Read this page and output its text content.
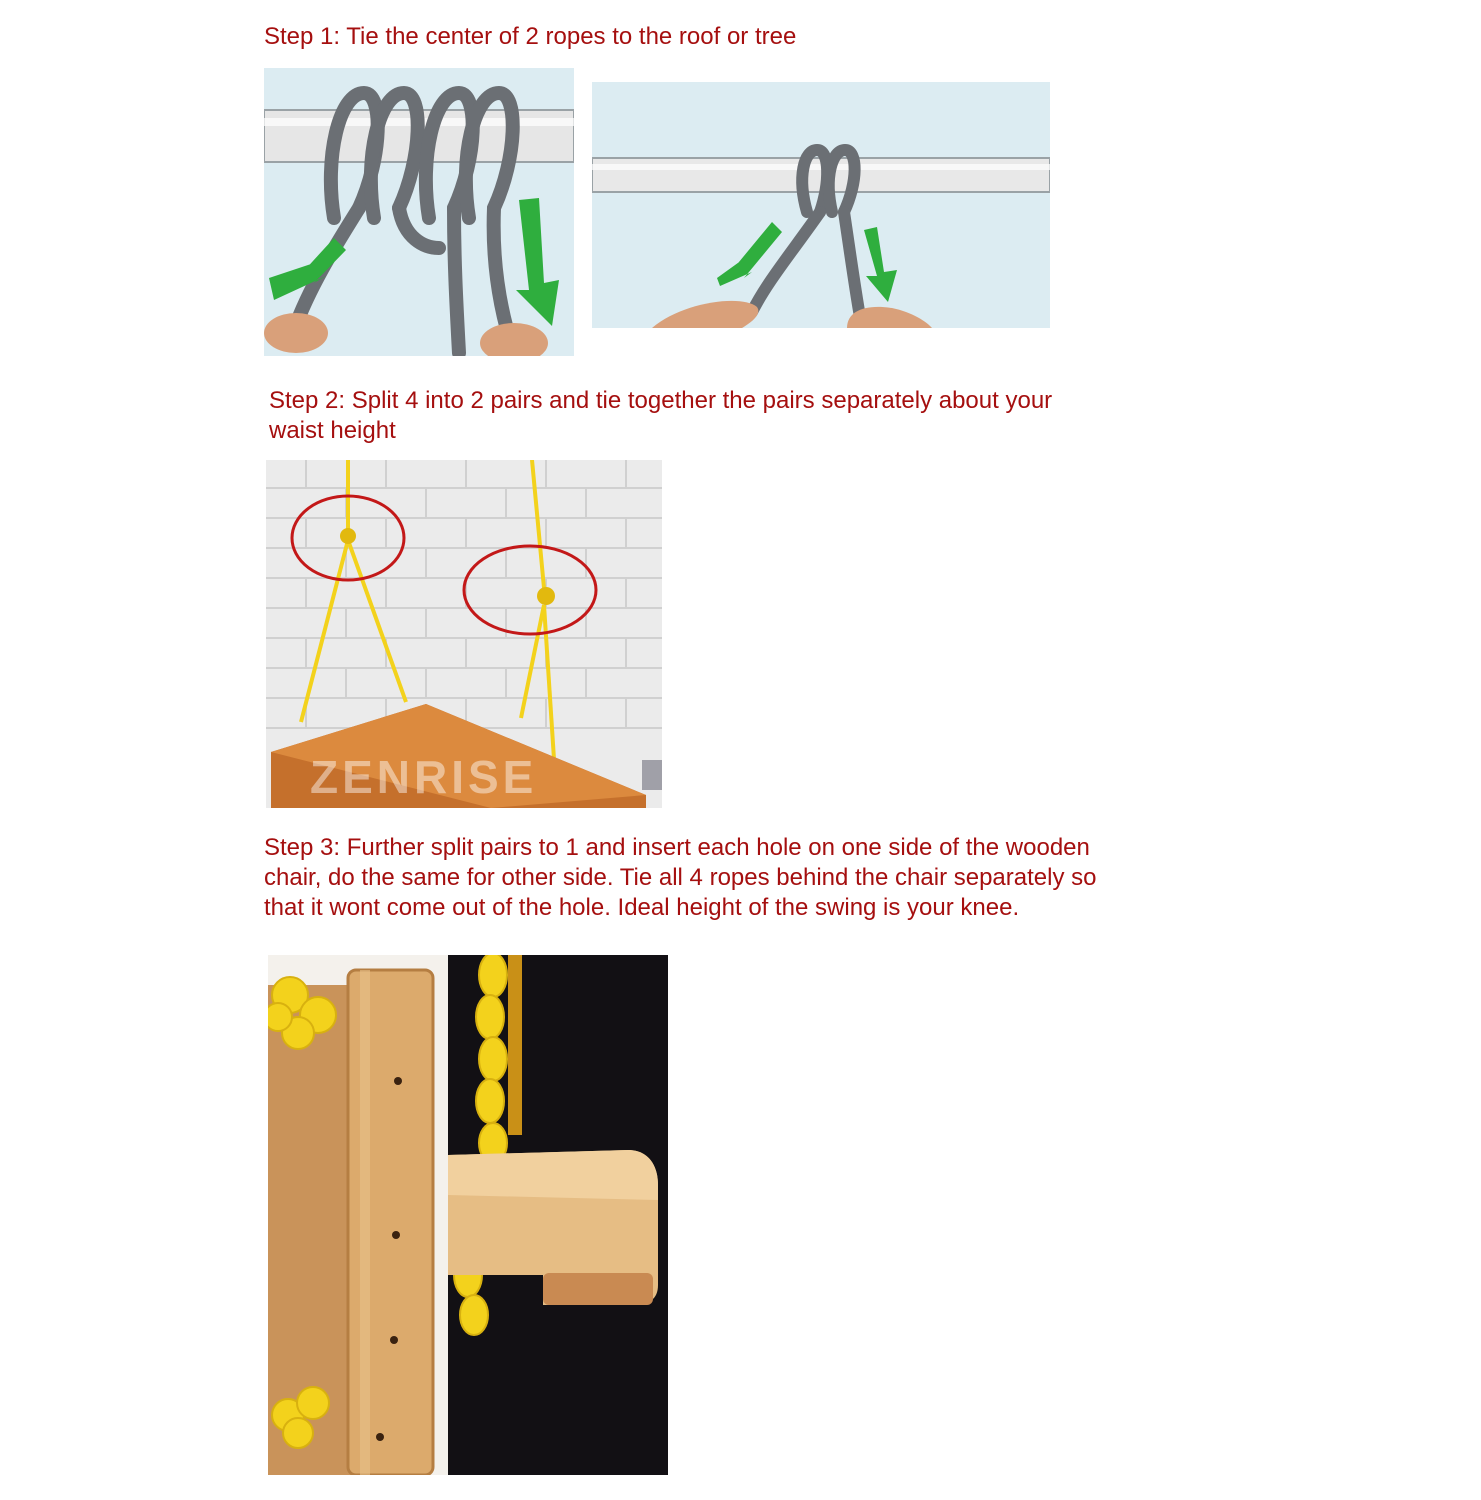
Step 1: Tie the center of 2 ropes to the roof or tree
Step 2: Split 4 into 2 pairs and tie together the pairs separately about your
waist height
ZENRISE
Step 3: Further split pairs to 1 and insert each hole on one side of the wooden
chair, do the same for other side. Tie all 4 ropes behind the chair separately so
that it wont come out of the hole. Ideal height of the swing is your knee.
